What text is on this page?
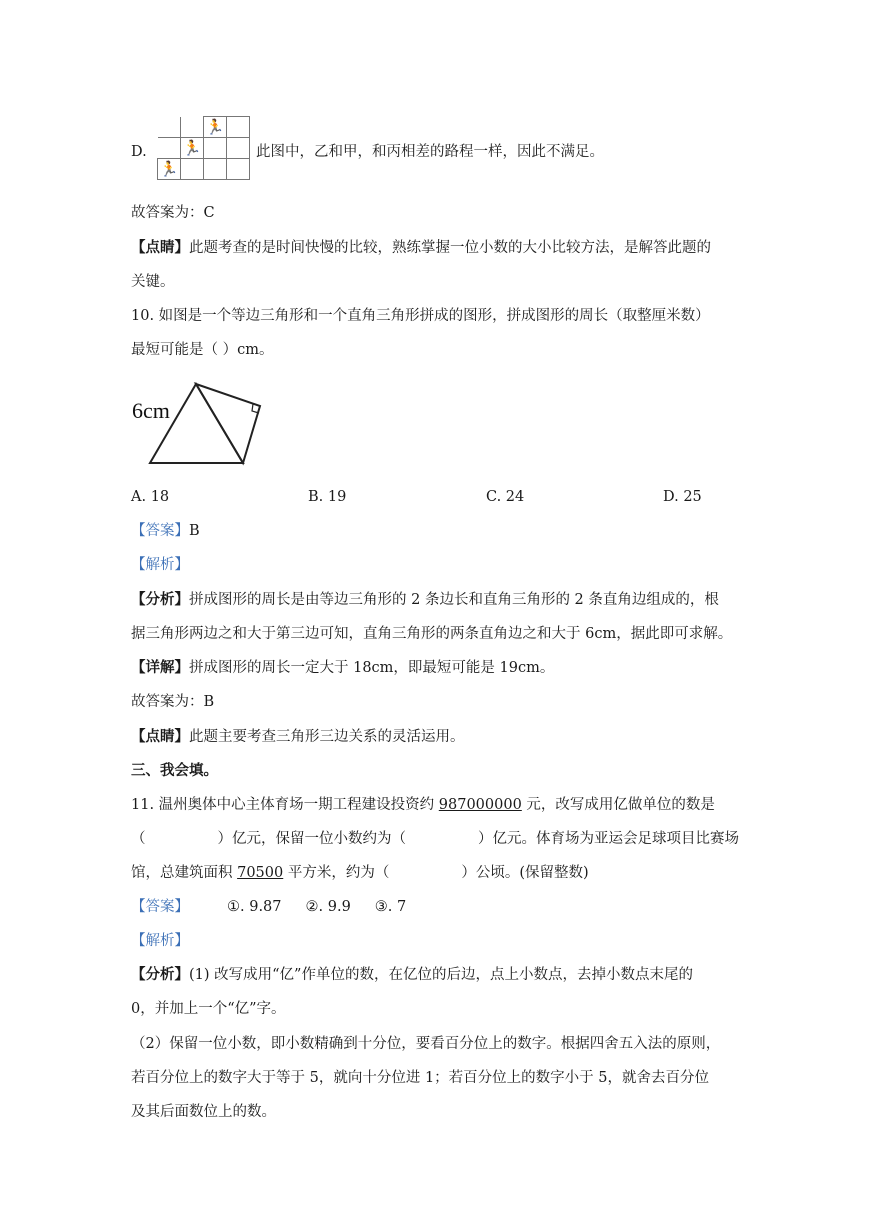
D.
		🏃	
	🏃		
🏃			
此图中，乙和甲，和丙相差的路程一样，因此不满足。
故答案为：C
【点睛】此题考查的是时间快慢的比较，熟练掌握一位小数的大小比较方法，是解答此题的
关键。
10. 如图是一个等边三角形和一个直角三角形拼成的图形，拼成图形的周长（取整厘米数）
最短可能是（ ）cm。
6cm
A. 18	B. 19	C. 24	D. 25
【答案】B
【解析】
【分析】拼成图形的周长是由等边三角形的 2 条边长和直角三角形的 2 条直角边组成的，根
据三角形两边之和大于第三边可知，直角三角形的两条直角边之和大于 6cm，据此即可求解。
【详解】拼成图形的周长一定大于 18cm，即最短可能是 19cm。
故答案为：B
【点睛】此题主要考查三角形三边关系的灵活运用。
三、我会填。
11. 温州奥体中心主体育场一期工程建设投资约 987000000 元，改写成用亿做单位的数是
（	）亿元，保留一位小数约为（	）亿元。体育场为亚运会足球项目比赛场
馆，总建筑面积 70500 平方米，约为（	）公顷。(保留整数)
【答案】	①. 9.87 ②. 9.9 ③. 7
【解析】
【分析】(1) 改写成用“亿”作单位的数，在亿位的后边，点上小数点，去掉小数点末尾的
0，并加上一个“亿”字。
（2）保留一位小数，即小数精确到十分位，要看百分位上的数字。根据四舍五入法的原则，
若百分位上的数字大于等于 5，就向十分位进 1；若百分位上的数字小于 5，就舍去百分位
及其后面数位上的数。
